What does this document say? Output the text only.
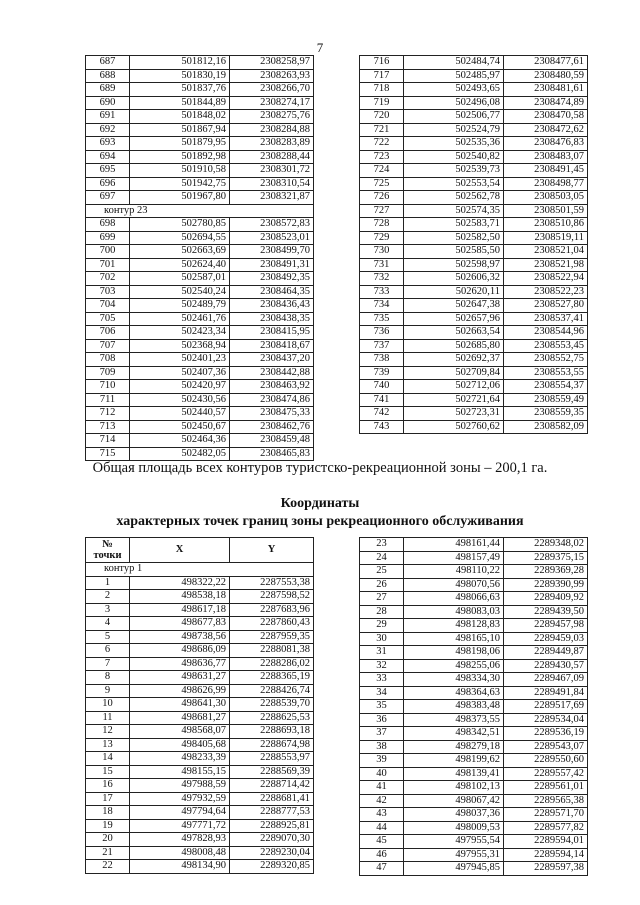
7
687	501812,16	2308258,97
688	501830,19	2308263,93
689	501837,76	2308266,70
690	501844,89	2308274,17
691	501848,02	2308275,76
692	501867,94	2308284,88
693	501879,95	2308283,89
694	501892,98	2308288,44
695	501910,58	2308301,72
696	501942,75	2308310,54
697	501967,80	2308321,87
контур 23		
698	502780,85	2308572,83
699	502694,55	2308523,01
700	502663,69	2308499,70
701	502624,40	2308491,31
702	502587,01	2308492,35
703	502540,24	2308464,35
704	502489,79	2308436,43
705	502461,76	2308438,35
706	502423,34	2308415,95
707	502368,94	2308418,67
708	502401,23	2308437,20
709	502407,36	2308442,88
710	502420,97	2308463,92
711	502430,56	2308474,86
712	502440,57	2308475,33
713	502450,67	2308462,76
714	502464,36	2308459,48
715	502482,05	2308465,83
716	502484,74	2308477,61
717	502485,97	2308480,59
718	502493,65	2308481,61
719	502496,08	2308474,89
720	502506,77	2308470,58
721	502524,79	2308472,62
722	502535,36	2308476,83
723	502540,82	2308483,07
724	502539,73	2308491,45
725	502553,54	2308498,77
726	502562,78	2308503,05
727	502574,35	2308501,59
728	502583,71	2308510,86
729	502582,50	2308519,11
730	502585,50	2308521,04
731	502598,97	2308521,98
732	502606,32	2308522,94
733	502620,11	2308522,23
734	502647,38	2308527,80
735	502657,96	2308537,41
736	502663,54	2308544,96
737	502685,80	2308553,45
738	502692,37	2308552,75
739	502709,84	2308553,55
740	502712,06	2308554,37
741	502721,64	2308559,49
742	502723,31	2308559,35
743	502760,62	2308582,09
Общая площадь всех контуров туристско-рекреационной зоны – 200,1 га.
Координаты
характерных точек границ зоны рекреационного обслуживания
№
точки	X	Y
контур 1		
1	498322,22	2287553,38
2	498538,18	2287598,52
3	498617,18	2287683,96
4	498677,83	2287860,43
5	498738,56	2287959,35
6	498686,09	2288081,38
7	498636,77	2288286,02
8	498631,27	2288365,19
9	498626,99	2288426,74
10	498641,30	2288539,70
11	498681,27	2288625,53
12	498568,07	2288693,18
13	498405,68	2288674,98
14	498233,39	2288553,97
15	498155,15	2288569,39
16	497988,59	2288714,42
17	497932,59	2288681,41
18	497794,64	2288777,53
19	497771,72	2288925,81
20	497828,93	2289070,30
21	498008,48	2289230,04
22	498134,90	2289320,85
23	498161,44	2289348,02
24	498157,49	2289375,15
25	498110,22	2289369,28
26	498070,56	2289390,99
27	498066,63	2289409,92
28	498083,03	2289439,50
29	498128,83	2289457,98
30	498165,10	2289459,03
31	498198,06	2289449,87
32	498255,06	2289430,57
33	498334,30	2289467,09
34	498364,63	2289491,84
35	498383,48	2289517,69
36	498373,55	2289534,04
37	498342,51	2289536,19
38	498279,18	2289543,07
39	498199,62	2289550,60
40	498139,41	2289557,42
41	498102,13	2289561,01
42	498067,42	2289565,38
43	498037,36	2289571,70
44	498009,53	2289577,82
45	497955,54	2289594,01
46	497955,31	2289594,14
47	497945,85	2289597,38
